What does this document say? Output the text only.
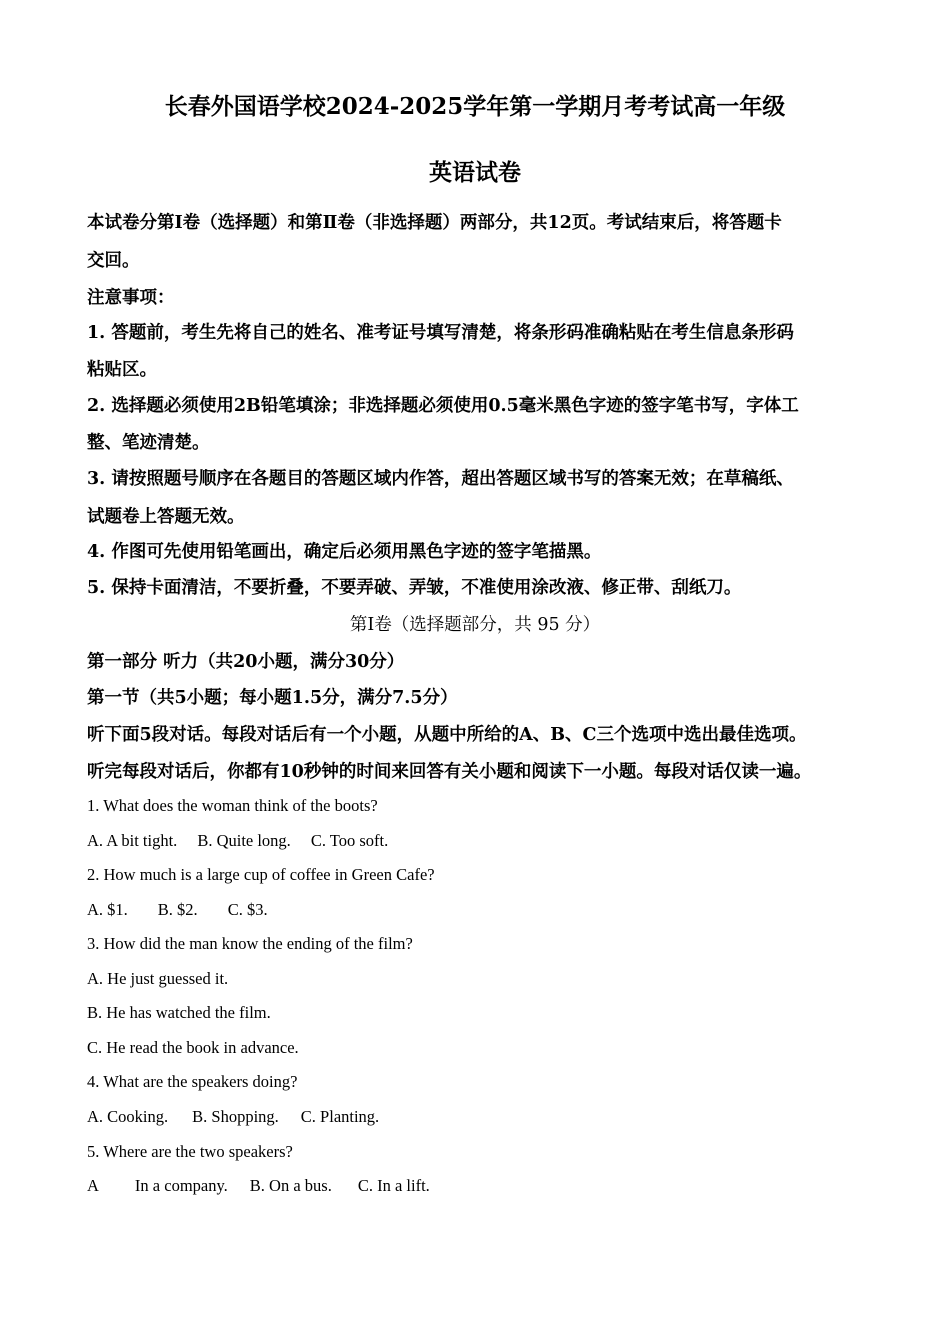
长春外国语学校2024-2025学年第一学期月考考试高一年级
英语试卷
本试卷分第Ⅰ卷（选择题）和第Ⅱ卷（非选择题）两部分，共12页。考试结束后，将答题卡
交回。
注意事项：
1. 答题前，考生先将自己的姓名、准考证号填写清楚，将条形码准确粘贴在考生信息条形码
粘贴区。
2. 选择题必须使用2B铅笔填涂；非选择题必须使用0.5毫米黑色字迹的签字笔书写，字体工
整、笔迹清楚。
3. 请按照题号顺序在各题目的答题区域内作答，超出答题区域书写的答案无效；在草稿纸、
试题卷上答题无效。
4. 作图可先使用铅笔画出，确定后必须用黑色字迹的签字笔描黑。
5. 保持卡面清洁，不要折叠，不要弄破、弄皱，不准使用涂改液、修正带、刮纸刀。
第Ⅰ卷（选择题部分，共 95 分）
第一部分 听力（共20小题，满分30分）
第一节（共5小题；每小题1.5分，满分7.5分）
听下面5段对话。每段对话后有一个小题，从题中所给的A、B、C三个选项中选出最佳选项。
听完每段对话后，你都有10秒钟的时间来回答有关小题和阅读下一小题。每段对话仅读一遍。
1. What does the woman think of the boots?
A. A bit tight. B. Quite long. C. Too soft.
2. How much is a large cup of coffee in Green Cafe?
A. $1. B. $2. C. $3.
3. How did the man know the ending of the film?
A. He just guessed it.
B. He has watched the film.
C. He read the book in advance.
4. What are the speakers doing?
A. Cooking. B. Shopping. C. Planting.
5. Where are the two speakers?
A In a company. B. On a bus. C. In a lift.
